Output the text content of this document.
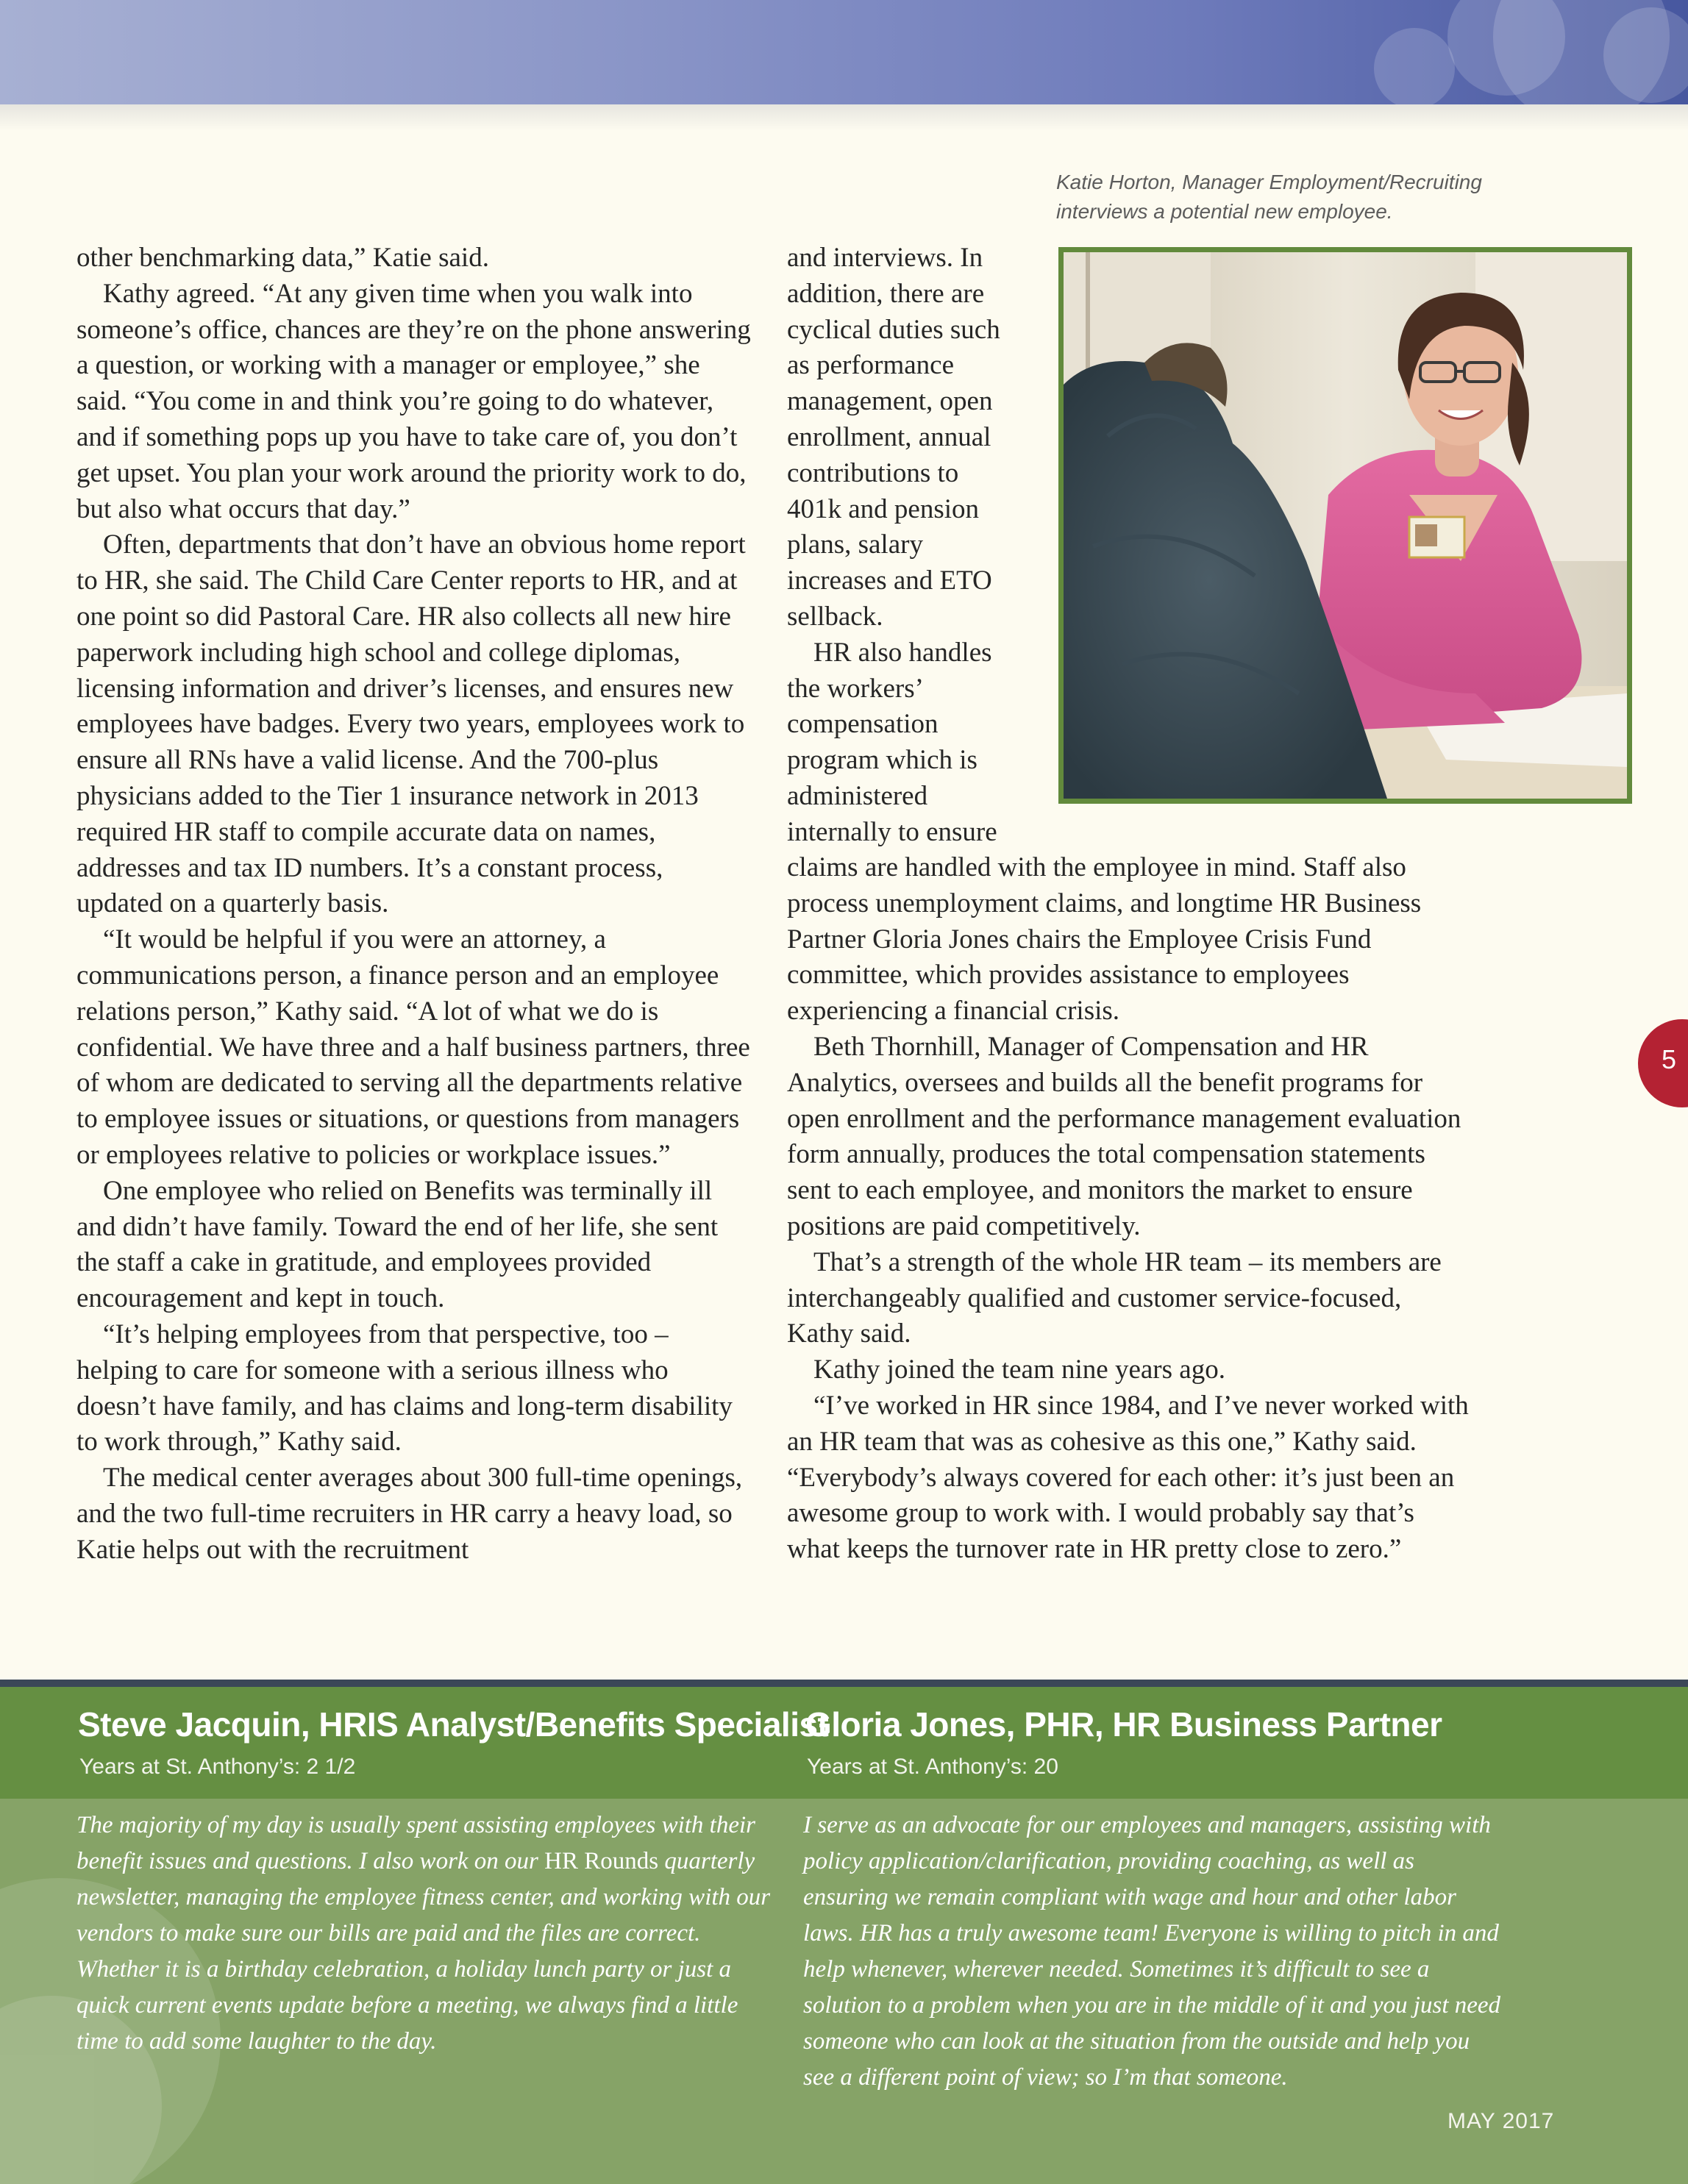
Katie Horton, Manager Employment/Recruiting
interviews a potential new employee.

other benchmarking data,” Katie said.

Kathy agreed. “At any given time when you walk into someone’s office, chances are they’re on the phone answering a question, or working with a manager or employee,” she said. “You come in and think you’re going to do whatever, and if something pops up you have to take care of, you don’t get upset. You plan your work around the priority work to do, but also what occurs that day.”

Often, departments that don’t have an obvious home report to HR, she said. The Child Care Center reports to HR, and at one point so did Pastoral Care. HR also collects all new hire paperwork including high school and college diplomas, licensing information and driver’s licenses, and ensures new employees have badges. Every two years, employees work to ensure all RNs have a valid license. And the 700-plus physicians added to the Tier 1 insurance network in 2013 required HR staff to compile accurate data on names, addresses and tax ID numbers. It’s a constant process, updated on a quarterly basis.

“It would be helpful if you were an attorney, a communications person, a finance person and an employee relations person,” Kathy said. “A lot of what we do is confidential. We have three and a half business partners, three of whom are dedicated to serving all the departments relative to employee issues or situations, or questions from managers or employees relative to policies or workplace issues.”

One employee who relied on Benefits was terminally ill and didn’t have family. Toward the end of her life, she sent the staff a cake in gratitude, and employees provided encouragement and kept in touch.

“It’s helping employees from that perspective, too – helping to care for someone with a serious illness who doesn’t have family, and has claims and long-term disability to work through,” Kathy said.

The medical center averages about 300 full-time openings, and the two full-time recruiters in HR carry a heavy load, so Katie helps out with the recruitment

and interviews. In addition, there are cyclical duties such as performance management, open enrollment, annual contributions to 401k and pension plans, salary increases and ETO sellback.

HR also handles the workers’ compensation program which is administered internally to ensure

claims are handled with the employee in mind. Staff also process unemployment claims, and longtime HR Business Partner Gloria Jones chairs the Employee Crisis Fund committee, which provides assistance to employees experiencing a financial crisis.

Beth Thornhill, Manager of Compensation and HR Analytics, oversees and builds all the benefit programs for open enrollment and the performance management evaluation form annually, produces the total compensation statements sent to each employee, and monitors the market to ensure positions are paid competitively.

That’s a strength of the whole HR team – its members are interchangeably qualified and customer service-focused, Kathy said.

Kathy joined the team nine years ago.

“I’ve worked in HR since 1984, and I’ve never worked with an HR team that was as cohesive as this one,” Kathy said. “Everybody’s always covered for each other: it’s just been an awesome group to work with. I would probably say that’s what keeps the turnover rate in HR pretty close to zero.”

5
Steve Jacquin, HRIS Analyst/Benefits Specialist
Years at St. Anthony’s: 2 1/2
The majority of my day is usually spent assisting employees with their benefit issues and questions. I also work on our HR Rounds quarterly newsletter, managing the employee fitness center, and working with our vendors to make sure our bills are paid and the files are correct. Whether it is a birthday celebration, a holiday lunch party or just a quick current events update before a meeting, we always find a little time to add some laughter to the day.
Gloria Jones, PHR, HR Business Partner
Years at St. Anthony’s: 20
I serve as an advocate for our employees and managers, assisting with policy application/clarification, providing coaching, as well as ensuring we remain compliant with wage and hour and other labor laws. HR has a truly awesome team! Everyone is willing to pitch in and help whenever, wherever needed. Sometimes it’s difficult to see a solution to a problem when you are in the middle of it and you just need someone who can look at the situation from the outside and help you see a different point of view; so I’m that someone.
MAY 2017
